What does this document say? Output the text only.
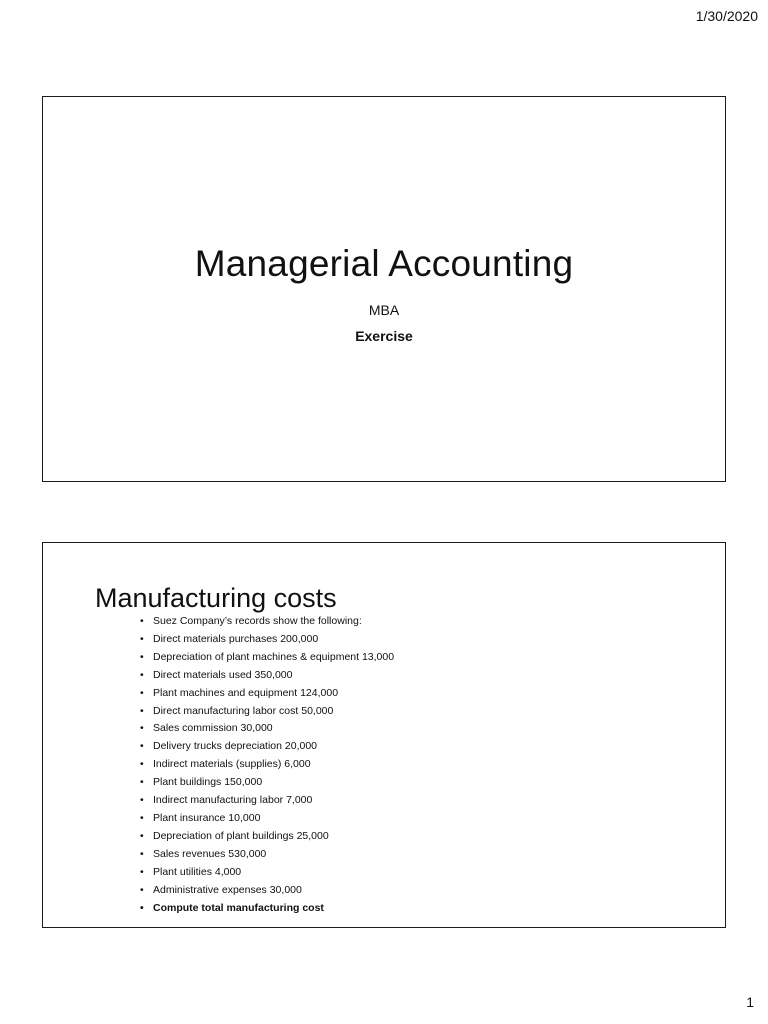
1/30/2020
Managerial Accounting
MBA
Exercise
Manufacturing costs
• Suez Company’s records show the following:
• Direct materials purchases 200,000
• Depreciation of plant machines & equipment 13,000
• Direct materials used 350,000
• Plant machines and equipment 124,000
• Direct manufacturing labor cost 50,000
• Sales commission 30,000
• Delivery trucks depreciation 20,000
• Indirect materials (supplies) 6,000
• Plant buildings 150,000
• Indirect manufacturing labor 7,000
• Plant insurance 10,000
• Depreciation of plant buildings 25,000
• Sales revenues 530,000
• Plant utilities 4,000
• Administrative expenses 30,000
• Compute total manufacturing cost
1
